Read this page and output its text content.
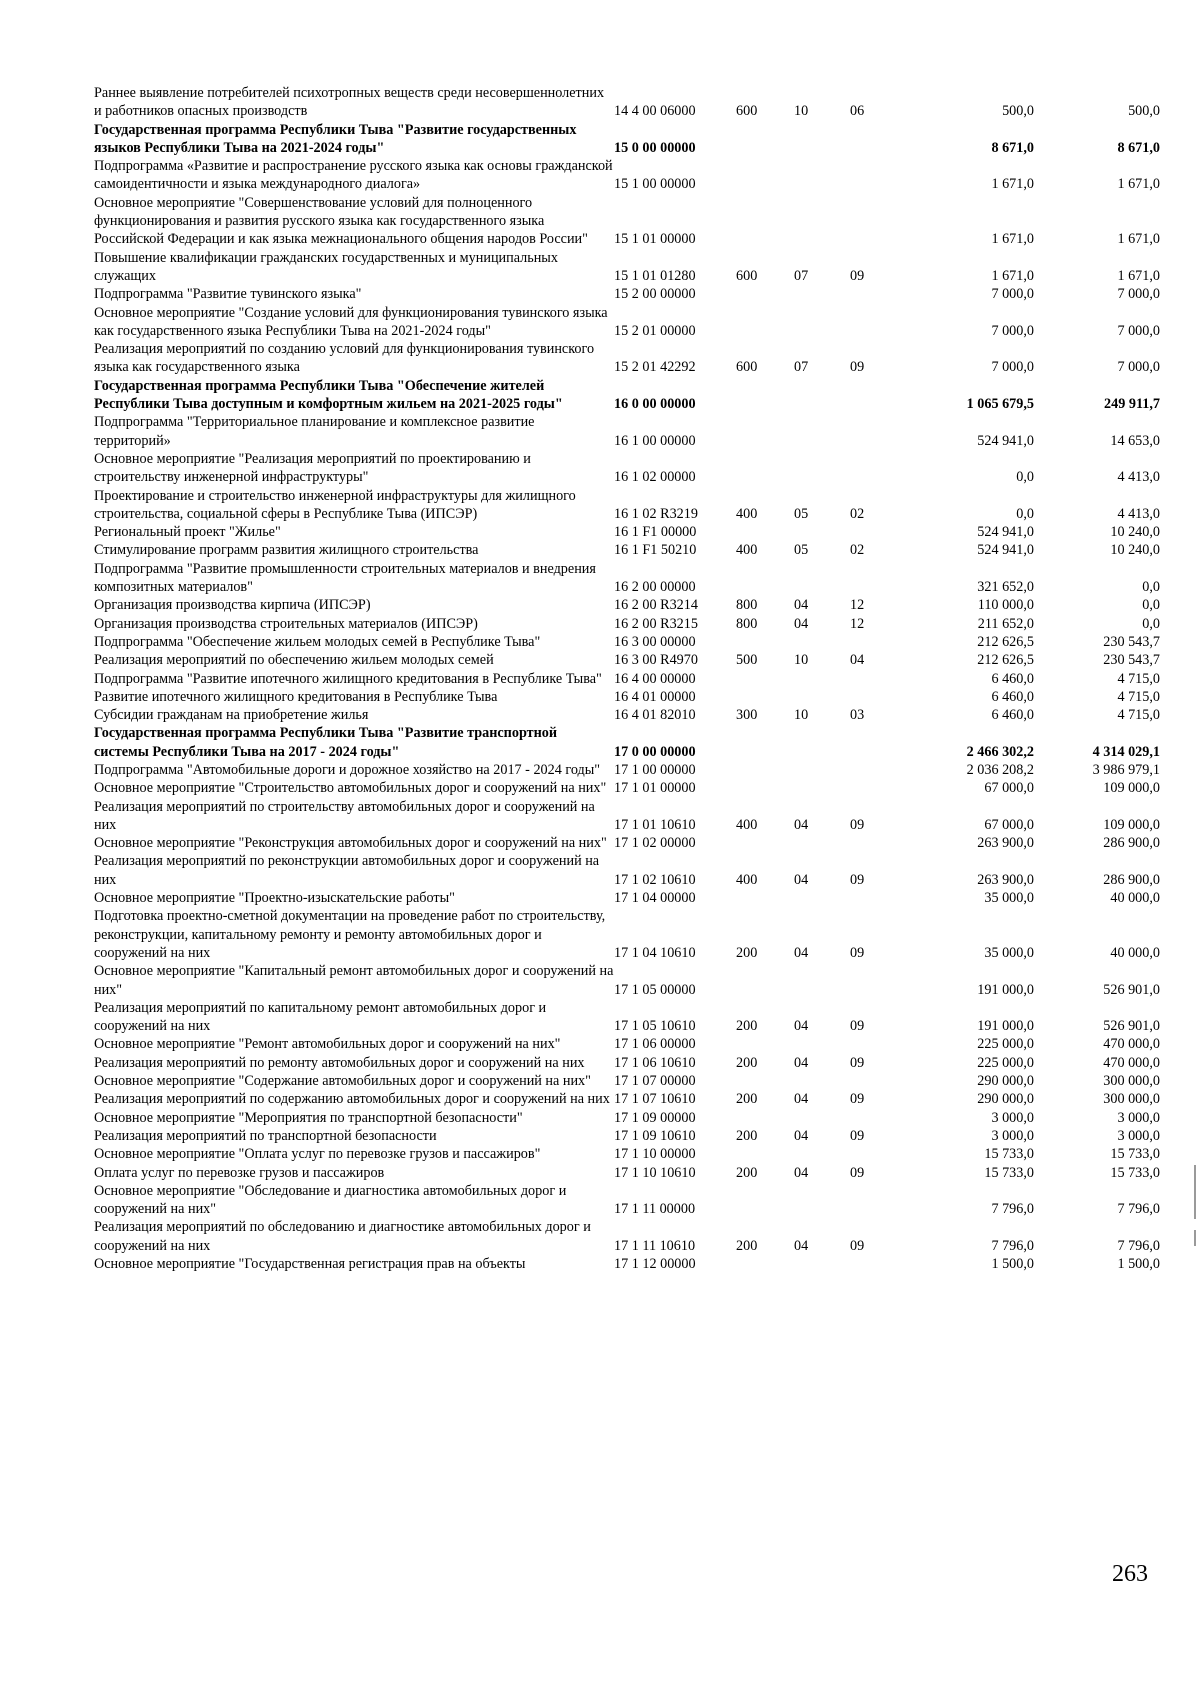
Раннее выявление потребителей психотропных веществ среди несовершеннолетних и работников опасных производств	14 4 00 06000	600	10	06	500,0	500,0
Государственная программа Республики Тыва "Развитие государственных языков Республики Тыва на 2021-2024 годы"	15 0 00 00000				8 671,0	8 671,0
Подпрограмма «Развитие и распространение русского языка как основы гражданской самоидентичности и языка международного диалога»	15 1 00 00000				1 671,0	1 671,0
Основное мероприятие "Совершенствование условий для полноценного функционирования и развития русского языка как государственного языка Российской Федерации и как языка межнационального общения народов России"	15 1 01 00000				1 671,0	1 671,0
Повышение квалификации гражданских государственных и муниципальных служащих	15 1 01 01280	600	07	09	1 671,0	1 671,0
Подпрограмма "Развитие тувинского языка"	15 2 00 00000				7 000,0	7 000,0
Основное мероприятие "Создание условий для функционирования тувинского языка как государственного языка Республики Тыва на 2021-2024 годы"	15 2 01 00000				7 000,0	7 000,0
Реализация мероприятий по созданию условий для функционирования тувинского языка как государственного языка	15 2 01 42292	600	07	09	7 000,0	7 000,0
Государственная программа Республики Тыва "Обеспечение жителей Республики Тыва доступным и комфортным жильем на 2021-2025 годы"	16 0 00 00000				1 065 679,5	249 911,7
Подпрограмма "Территориальное планирование и комплексное развитие территорий»	16 1 00 00000				524 941,0	14 653,0
Основное мероприятие "Реализация мероприятий по проектированию и строительству инженерной инфраструктуры"	16 1 02 00000				0,0	4 413,0
Проектирование и строительство инженерной инфраструктуры для жилищного строительства, социальной сферы в Республике Тыва (ИПСЭР)	16 1 02 R3219	400	05	02	0,0	4 413,0
Региональный проект "Жилье"	16 1 F1 00000				524 941,0	10 240,0
Стимулирование программ развития жилищного строительства	16 1 F1 50210	400	05	02	524 941,0	10 240,0
Подпрограмма "Развитие промышленности строительных материалов и внедрения композитных материалов"	16 2 00 00000				321 652,0	0,0
Организация производства кирпича (ИПСЭР)	16 2 00 R3214	800	04	12	110 000,0	0,0
Организация производства строительных материалов (ИПСЭР)	16 2 00 R3215	800	04	12	211 652,0	0,0
Подпрограмма "Обеспечение жильем молодых семей в Республике Тыва"	16 3 00 00000				212 626,5	230 543,7
Реализация мероприятий по обеспечению жильем молодых семей	16 3 00 R4970	500	10	04	212 626,5	230 543,7
Подпрограмма "Развитие ипотечного жилищного кредитования в Республике Тыва"	16 4 00 00000				6 460,0	4 715,0
Развитие ипотечного жилищного кредитования в Республике Тыва	16 4 01 00000				6 460,0	4 715,0
Субсидии гражданам на приобретение жилья	16 4 01 82010	300	10	03	6 460,0	4 715,0
Государственная программа Республики Тыва "Развитие транспортной системы Республики Тыва на 2017 - 2024 годы"	17 0 00 00000				2 466 302,2	4 314 029,1
Подпрограмма "Автомобильные дороги и дорожное хозяйство на 2017 - 2024 годы"	17 1 00 00000				2 036 208,2	3 986 979,1
Основное мероприятие "Строительство автомобильных дорог и сооружений на них"	17 1 01 00000				67 000,0	109 000,0
Реализация мероприятий по строительству автомобильных дорог и сооружений на них	17 1 01 10610	400	04	09	67 000,0	109 000,0
Основное мероприятие "Реконструкция автомобильных дорог и сооружений на них"	17 1 02 00000				263 900,0	286 900,0
Реализация мероприятий по реконструкции автомобильных дорог и сооружений на них	17 1 02 10610	400	04	09	263 900,0	286 900,0
Основное мероприятие "Проектно-изыскательские работы"	17 1 04 00000				35 000,0	40 000,0
Подготовка проектно-сметной документации на проведение работ по строительству, реконструкции, капитальному ремонту и ремонту автомобильных дорог и сооружений на них	17 1 04 10610	200	04	09	35 000,0	40 000,0
Основное мероприятие "Капитальный ремонт автомобильных дорог и сооружений на них"	17 1 05 00000				191 000,0	526 901,0
Реализация мероприятий по капитальному ремонт автомобильных дорог и сооружений на них	17 1 05 10610	200	04	09	191 000,0	526 901,0
Основное мероприятие "Ремонт автомобильных дорог и сооружений на них"	17 1 06 00000				225 000,0	470 000,0
Реализация мероприятий по ремонту автомобильных дорог и сооружений на них	17 1 06 10610	200	04	09	225 000,0	470 000,0
Основное мероприятие "Содержание автомобильных дорог и сооружений на них"	17 1 07 00000				290 000,0	300 000,0
Реализация мероприятий по содержанию автомобильных дорог и сооружений на них	17 1 07 10610	200	04	09	290 000,0	300 000,0
Основное мероприятие "Мероприятия по транспортной безопасности"	17 1 09 00000				3 000,0	3 000,0
Реализация мероприятий по транспортной безопасности	17 1 09 10610	200	04	09	3 000,0	3 000,0
Основное мероприятие "Оплата услуг по перевозке грузов и пассажиров"	17 1 10 00000				15 733,0	15 733,0
Оплата услуг по перевозке грузов и пассажиров	17 1 10 10610	200	04	09	15 733,0	15 733,0
Основное мероприятие "Обследование и диагностика автомобильных дорог и сооружений на них"	17 1 11 00000				7 796,0	7 796,0
Реализация мероприятий по обследованию и диагностике автомобильных дорог и сооружений на них	17 1 11 10610	200	04	09	7 796,0	7 796,0
Основное мероприятие "Государственная регистрация прав на объекты	17 1 12 00000				1 500,0	1 500,0
263
